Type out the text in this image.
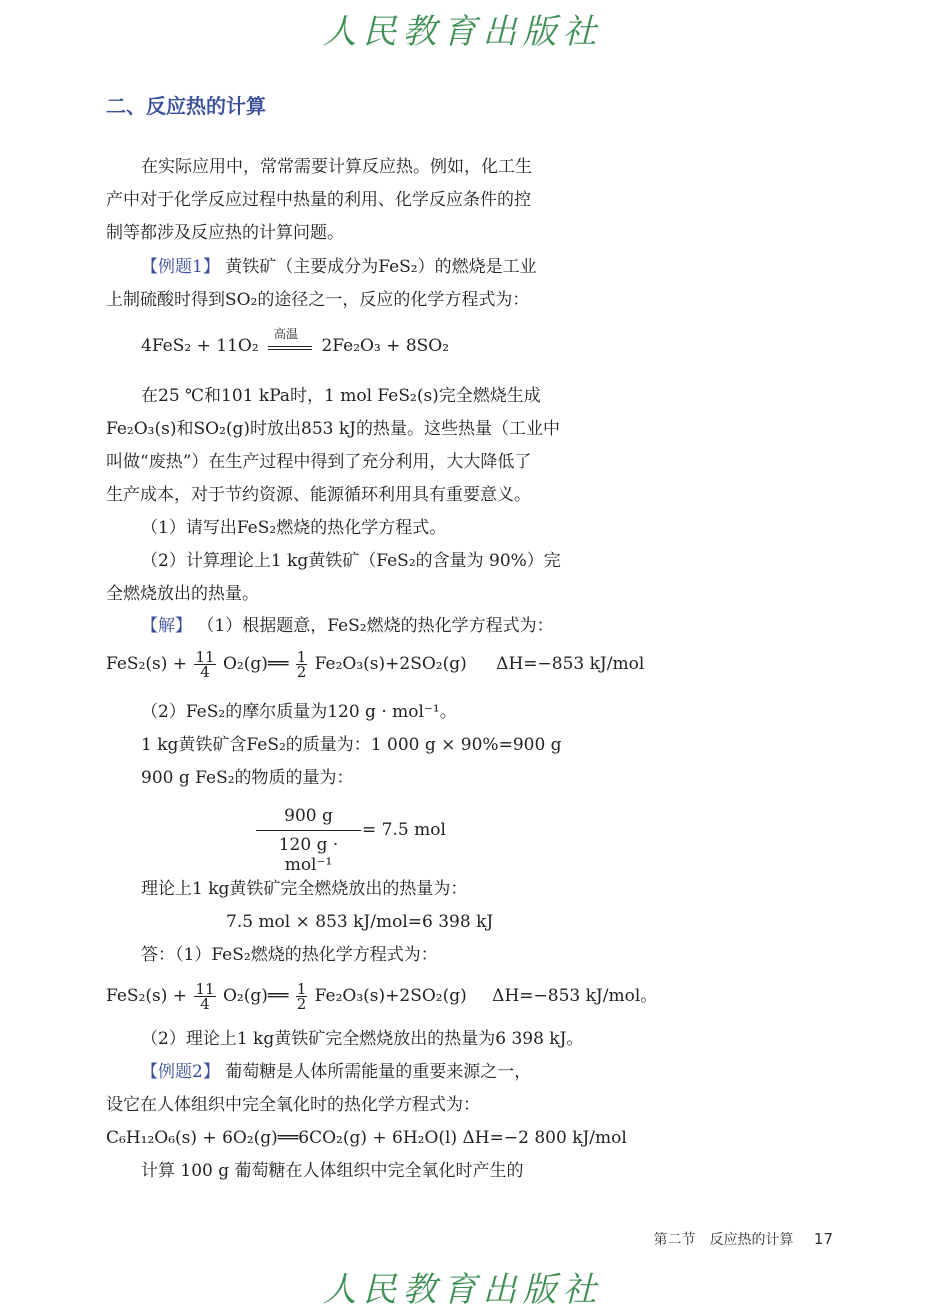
人民教育出版社
二、反应热的计算
在实际应用中，常常需要计算反应热。例如，化工生
产中对于化学反应过程中热量的利用、化学反应条件的控
制等都涉及反应热的计算问题。
【例题1】 黄铁矿（主要成分为FeS₂）的燃烧是工业
上制硫酸时得到SO₂的途径之一，反应的化学方程式为：
4FeS₂ + 11O₂
高温
2Fe₂O₃ + 8SO₂
在25 ℃和101 kPa时，1 mol FeS₂(s)完全燃烧生成
Fe₂O₃(s)和SO₂(g)时放出853 kJ的热量。这些热量（工业中
叫做“废热”）在生产过程中得到了充分利用，大大降低了
生产成本，对于节约资源、能源循环利用具有重要意义。
（1）请写出FeS₂燃烧的热化学方程式。
（2）计算理论上1 kg黄铁矿（FeS₂的含量为 90%）完
全燃烧放出的热量。
【解】 （1）根据题意，FeS₂燃烧的热化学方程式为：
$FeS_2(s) + \frac{11}{4}$ O₂(g)══ $\frac{1}{2} Fe_2O_3(s)+2SO_2(g)$ ΔH=−853 kJ/mol
（2）FeS₂的摩尔质量为120 g · mol⁻¹。
1 kg黄铁矿含FeS₂的质量为：1 000 g × 90%=900 g
900 g FeS₂的物质的量为：
900 g
120 g · mol⁻¹
= 7.5 mol
理论上1 kg黄铁矿完全燃烧放出的热量为：
7.5 mol × 853 kJ/mol=6 398 kJ
答：（1）FeS₂燃烧的热化学方程式为：
$FeS_2(s) + \frac{11}{4}$ O₂(g)══ $\frac{1}{2} Fe_2O_3(s)+2SO_2(g)$ ΔH=−853 kJ/mol。
（2）理论上1 kg黄铁矿完全燃烧放出的热量为6 398 kJ。
【例题2】 葡萄糖是人体所需能量的重要来源之一，
设它在人体组织中完全氧化时的热化学方程式为：
C₆H₁₂O₆(s) + 6O₂(g)══6CO₂(g) + 6H₂O(l) ΔH=−2 800 kJ/mol
计算 100 g 葡萄糖在人体组织中完全氧化时产生的
第二节　反应热的计算 17
人民教育出版社
